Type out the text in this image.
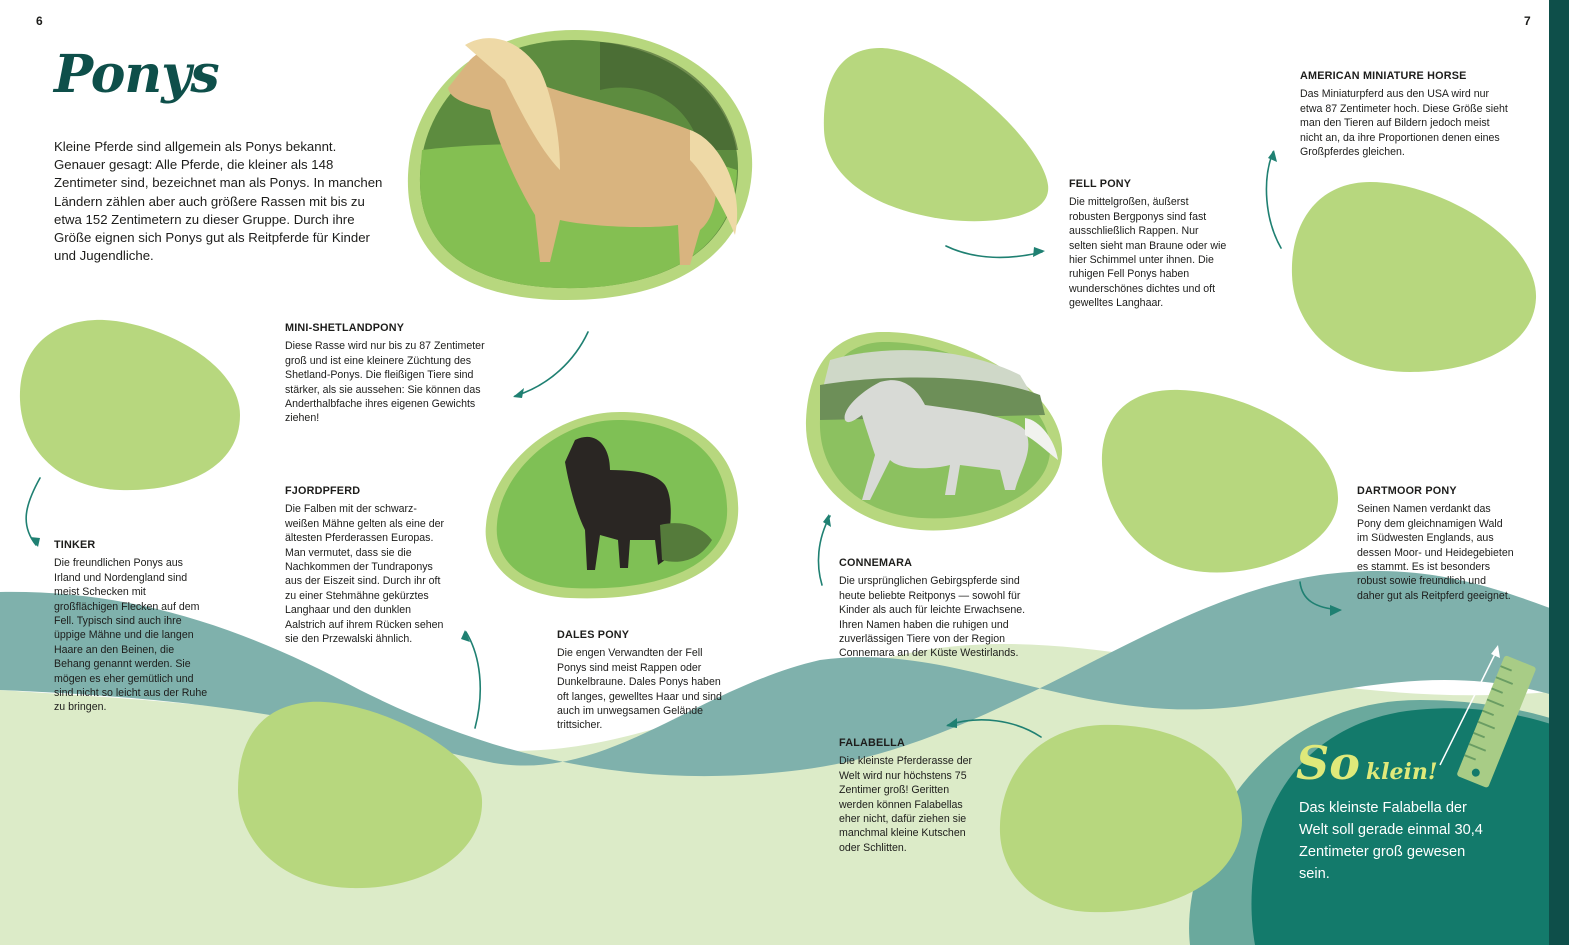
6	7
Ponys

Kleine Pferde sind allgemein als Ponys bekannt. Genauer gesagt: Alle Pferde, die kleiner als 148 Zentimeter sind, bezeichnet man als Ponys. In manchen Ländern zählen aber auch größere Rassen mit bis zu etwa 152 Zentimetern zu dieser Gruppe. Durch ihre Größe eignen sich Ponys gut als Reitpferde für Kinder und Jugendliche.

MINI-SHETLANDPONY

Diese Rasse wird nur bis zu 87 Zentimeter groß und ist eine kleinere Züchtung des Shetland-Ponys. Die fleißigen Tiere sind stärker, als sie aussehen: Sie können das Anderthalbfache ihres eigenen Gewichts ziehen!

FJORDPFERD

Die Falben mit der schwarz-weißen Mähne gelten als eine der ältesten Pferderassen Europas. Man vermutet, dass sie die Nachkommen der Tundraponys aus der Eiszeit sind. Durch ihr oft zu einer Stehmähne gekürztes Langhaar und den dunklen Aalstrich auf ihrem Rücken sehen sie den Przewalski ähnlich.

TINKER

Die freundlichen Ponys aus Irland und Nordengland sind meist Schecken mit großflächigen Flecken auf dem Fell. Typisch sind auch ihre üppige Mähne und die langen Haare an den Beinen, die Behang genannt werden. Sie mögen es eher gemütlich und sind nicht so leicht aus der Ruhe zu bringen.

DALES PONY

Die engen Verwandten der Fell Ponys sind meist Rappen oder Dunkelbraune. Dales Ponys haben oft langes, gewelltes Haar und sind auch im unwegsamen Gelände trittsicher.

FELL PONY

Die mittelgroßen, äußerst robusten Bergponys sind fast ausschließlich Rappen. Nur selten sieht man Braune oder wie hier Schimmel unter ihnen. Die ruhigen Fell Ponys haben wunderschönes dichtes und oft gewelltes Langhaar.

AMERICAN MINIATURE HORSE

Das Miniaturpferd aus den USA wird nur etwa 87 Zentimeter hoch. Diese Größe sieht man den Tieren auf Bildern jedoch meist nicht an, da ihre Proportionen denen eines Großpferdes gleichen.

CONNEMARA

Die ursprünglichen Gebirgspferde sind heute beliebte Reitponys — sowohl für Kinder als auch für leichte Erwachsene. Ihren Namen haben die ruhigen und zuverlässigen Tiere von der Region Connemara an der Küste Westirlands.

DARTMOOR PONY

Seinen Namen verdankt das Pony dem gleichnamigen Wald im Südwesten Englands, aus dessen Moor- und Heidegebieten es stammt. Es ist besonders robust sowie freundlich und daher gut als Reitpferd geeignet.

FALABELLA

Die kleinste Pferderasse der Welt wird nur höchstens 75 Zentimer groß! Geritten werden können Falabellas eher nicht, dafür ziehen sie manchmal kleine Kutschen oder Schlitten.

So klein!

Das kleinste Falabella der Welt soll gerade einmal 30,4 Zentimeter groß gewesen sein.
